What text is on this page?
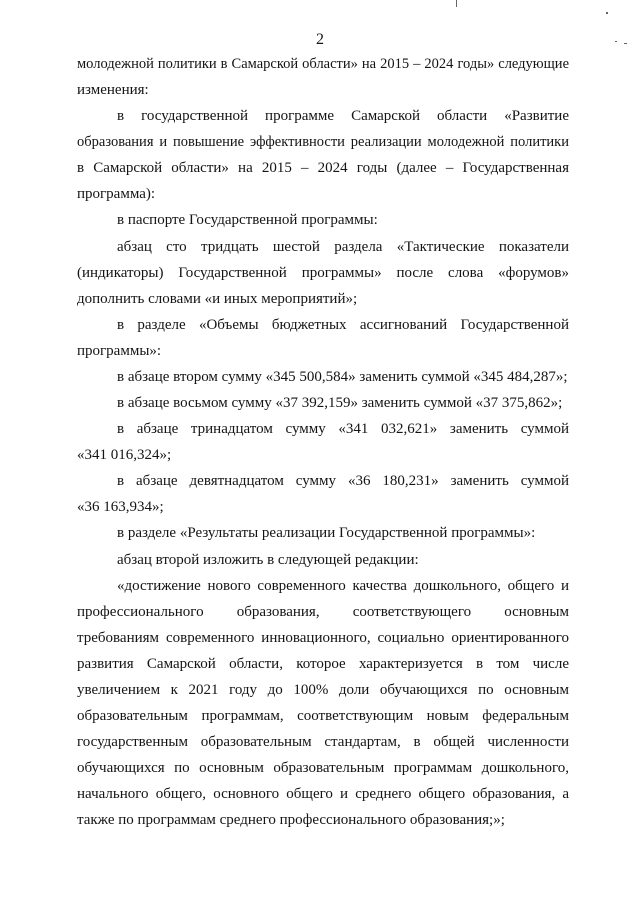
2

молодежной политики в Самарской области» на 2015 – 2024 годы» следующие

изменения:

в государственной программе Самарской области «Развитие

образования и повышение эффективности реализации молодежной политики

в Самарской области» на 2015 – 2024 годы (далее – Государственная

программа):

в паспорте Государственной программы:

абзац сто тридцать шестой раздела «Тактические показатели

(индикаторы) Государственной программы» после слова «форумов»

дополнить словами «и иных мероприятий»;

в разделе «Объемы бюджетных ассигнований Государственной

программы»:

в абзаце втором сумму «345 500,584» заменить суммой «345 484,287»;

в абзаце восьмом сумму «37 392,159» заменить суммой «37 375,862»;

в абзаце тринадцатом сумму «341 032,621» заменить суммой

«341 016,324»;

в абзаце девятнадцатом сумму «36 180,231» заменить суммой

«36 163,934»;

в разделе «Результаты реализации Государственной программы»:

абзац второй изложить в следующей редакции:

«достижение нового современного качества дошкольного, общего и

профессионального образования, соответствующего основным

требованиям современного инновационного, социально ориентированного

развития Самарской области, которое характеризуется в том числе

увеличением к 2021 году до 100% доли обучающихся по основным

образовательным программам, соответствующим новым федеральным

государственным образовательным стандартам, в общей численности

обучающихся по основным образовательным программам дошкольного,

начального общего, основного общего и среднего общего образования, а

также по программам среднего профессионального образования;»;
